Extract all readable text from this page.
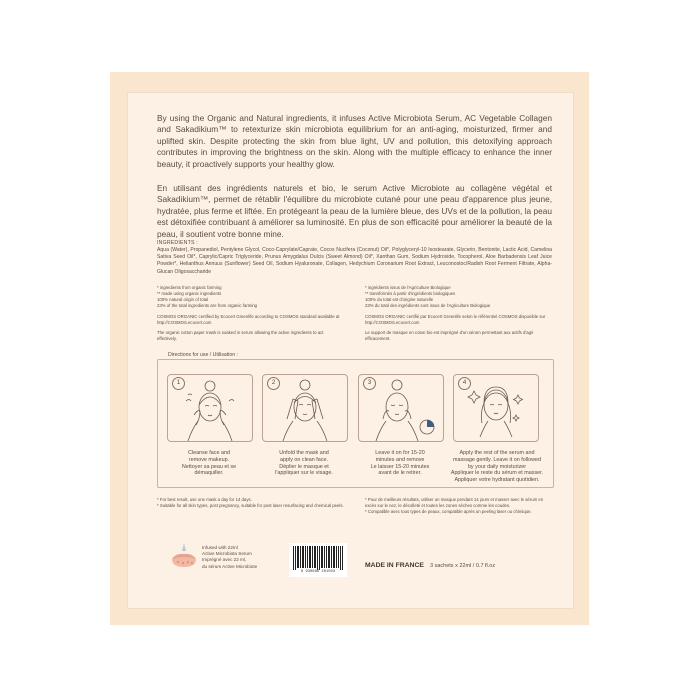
By using the Organic and Natural ingredients, it infuses Active Microbiota Serum, AC Vegetable Collagen and Sakadikium™ to retexturize skin microbiota equilibrium for an anti-aging, moisturized, firmer and uplifted skin. Despite protecting the skin from blue light, UV and pollution, this detoxifying approach contributes in improving the brightness on the skin. Along with the multiple efficacy to enhance the inner beauty, it proactively supports your healthy glow.
En utilisant des ingrédients naturels et bio, le serum Active Microbiote au collagène végétal et Sakadikium™, permet de rétablir l'équilibre du microbiote cutané pour une peau d'apparence plus jeune, hydratée, plus ferme et liftée. En protégeant la peau de la lumière bleue, des UVs et de la pollution, la peau est détoxifiée contribuant à améliorer sa luminosité. En plus de son efficacité pour améliorer la beauté de la peau, il soutient votre bonne mine.
INGREDIENTS :
Aqua (Water), Propanediol, Pentylene Glycol, Coco-Caprylate/Caprate, Cocos Nucifera (Coconut) Oil*, Polyglyceryl-10 Isostearate, Glycerin, Bentonite, Lactic Acid, Camelina Sativa Seed Oil*, Caprylic/Capric Triglyceride, Prunus Amygdalus Dulcis (Sweet Almond) Oil*, Xanthan Gum, Sodium Hydroxide, Tocopherol, Aloe Barbadensis Leaf Juice Powder*, Helianthus Annuus (Sunflower) Seed Oil, Sodium Hyaluronate, Collagen, Hedychium Coronarium Root Extract, Leuconostoc/Radish Root Ferment Filtrate, Alpha-Glucan Oligosaccharide
* ingredients from organic farming
** made using organic ingredients
100% natural origin of total
23% of the total ingredients are from organic farming
* ingrédients issus de l'Agriculture Biologique
** transformés à partir d'ingrédients biologiques
100% du total est d'origine naturelle
23% du total des ingrédients sont issus de l'Agriculture Biologique
COSMOS ORGANIC certified by Ecocert Greenlife according to COSMOS standard available at http://COSMOS.ecocert.com
COSMOS ORGANIC certifié par Ecocert Greenlife selon le référentiel COSMOS disponible sur http://COSMOS.ecocert.com
The organic cotton paper mask is soaked in serum allowing the active ingredients to act effectively.
Le support de masque en coton bio est imprégné d'un sérum permettant aux actifs d'agir efficacement.
Directions for use / Utilisation :
1	2	3	4
Cleanse face and
remove makeup.
Nettoyer sa peau et se
démaquiller.
Unfold the mask and
apply on clean face.
Déplier le masque et
l'appliquer sur le visage.
Leave it on for 15-20
minutes and remove
Le laisser 15-20 minutes
avant de le retirer.
Apply the rest of the serum and
massage gently. Leave it on followed
by your daily moisturizer
Appliquer le reste du sérum et masser.
Appliquer votre hydratant quotidien.
* For best result, use one mask a day for 14 days.
* Suitable for all skin types, post pregnancy, suitable for post laser resurfacing and chemical peels.
* Pour de meilleurs résultats, utiliser un masque pendant 14 jours et masser avec le sérum en excès sur le nez, le décolleté et toutes les zones sèches comme les coudes.
* Compatible avec tous types de peaux, compatible après un peeling laser ou chimique.
Infused with 22ml
Active Microbiota Serum
Imprégné avec 22 ml,
du sérum Active Microbiote
6 930686 201503
MADE IN FRANCE 3 sachets x 22ml / 0.7 fl.oz
